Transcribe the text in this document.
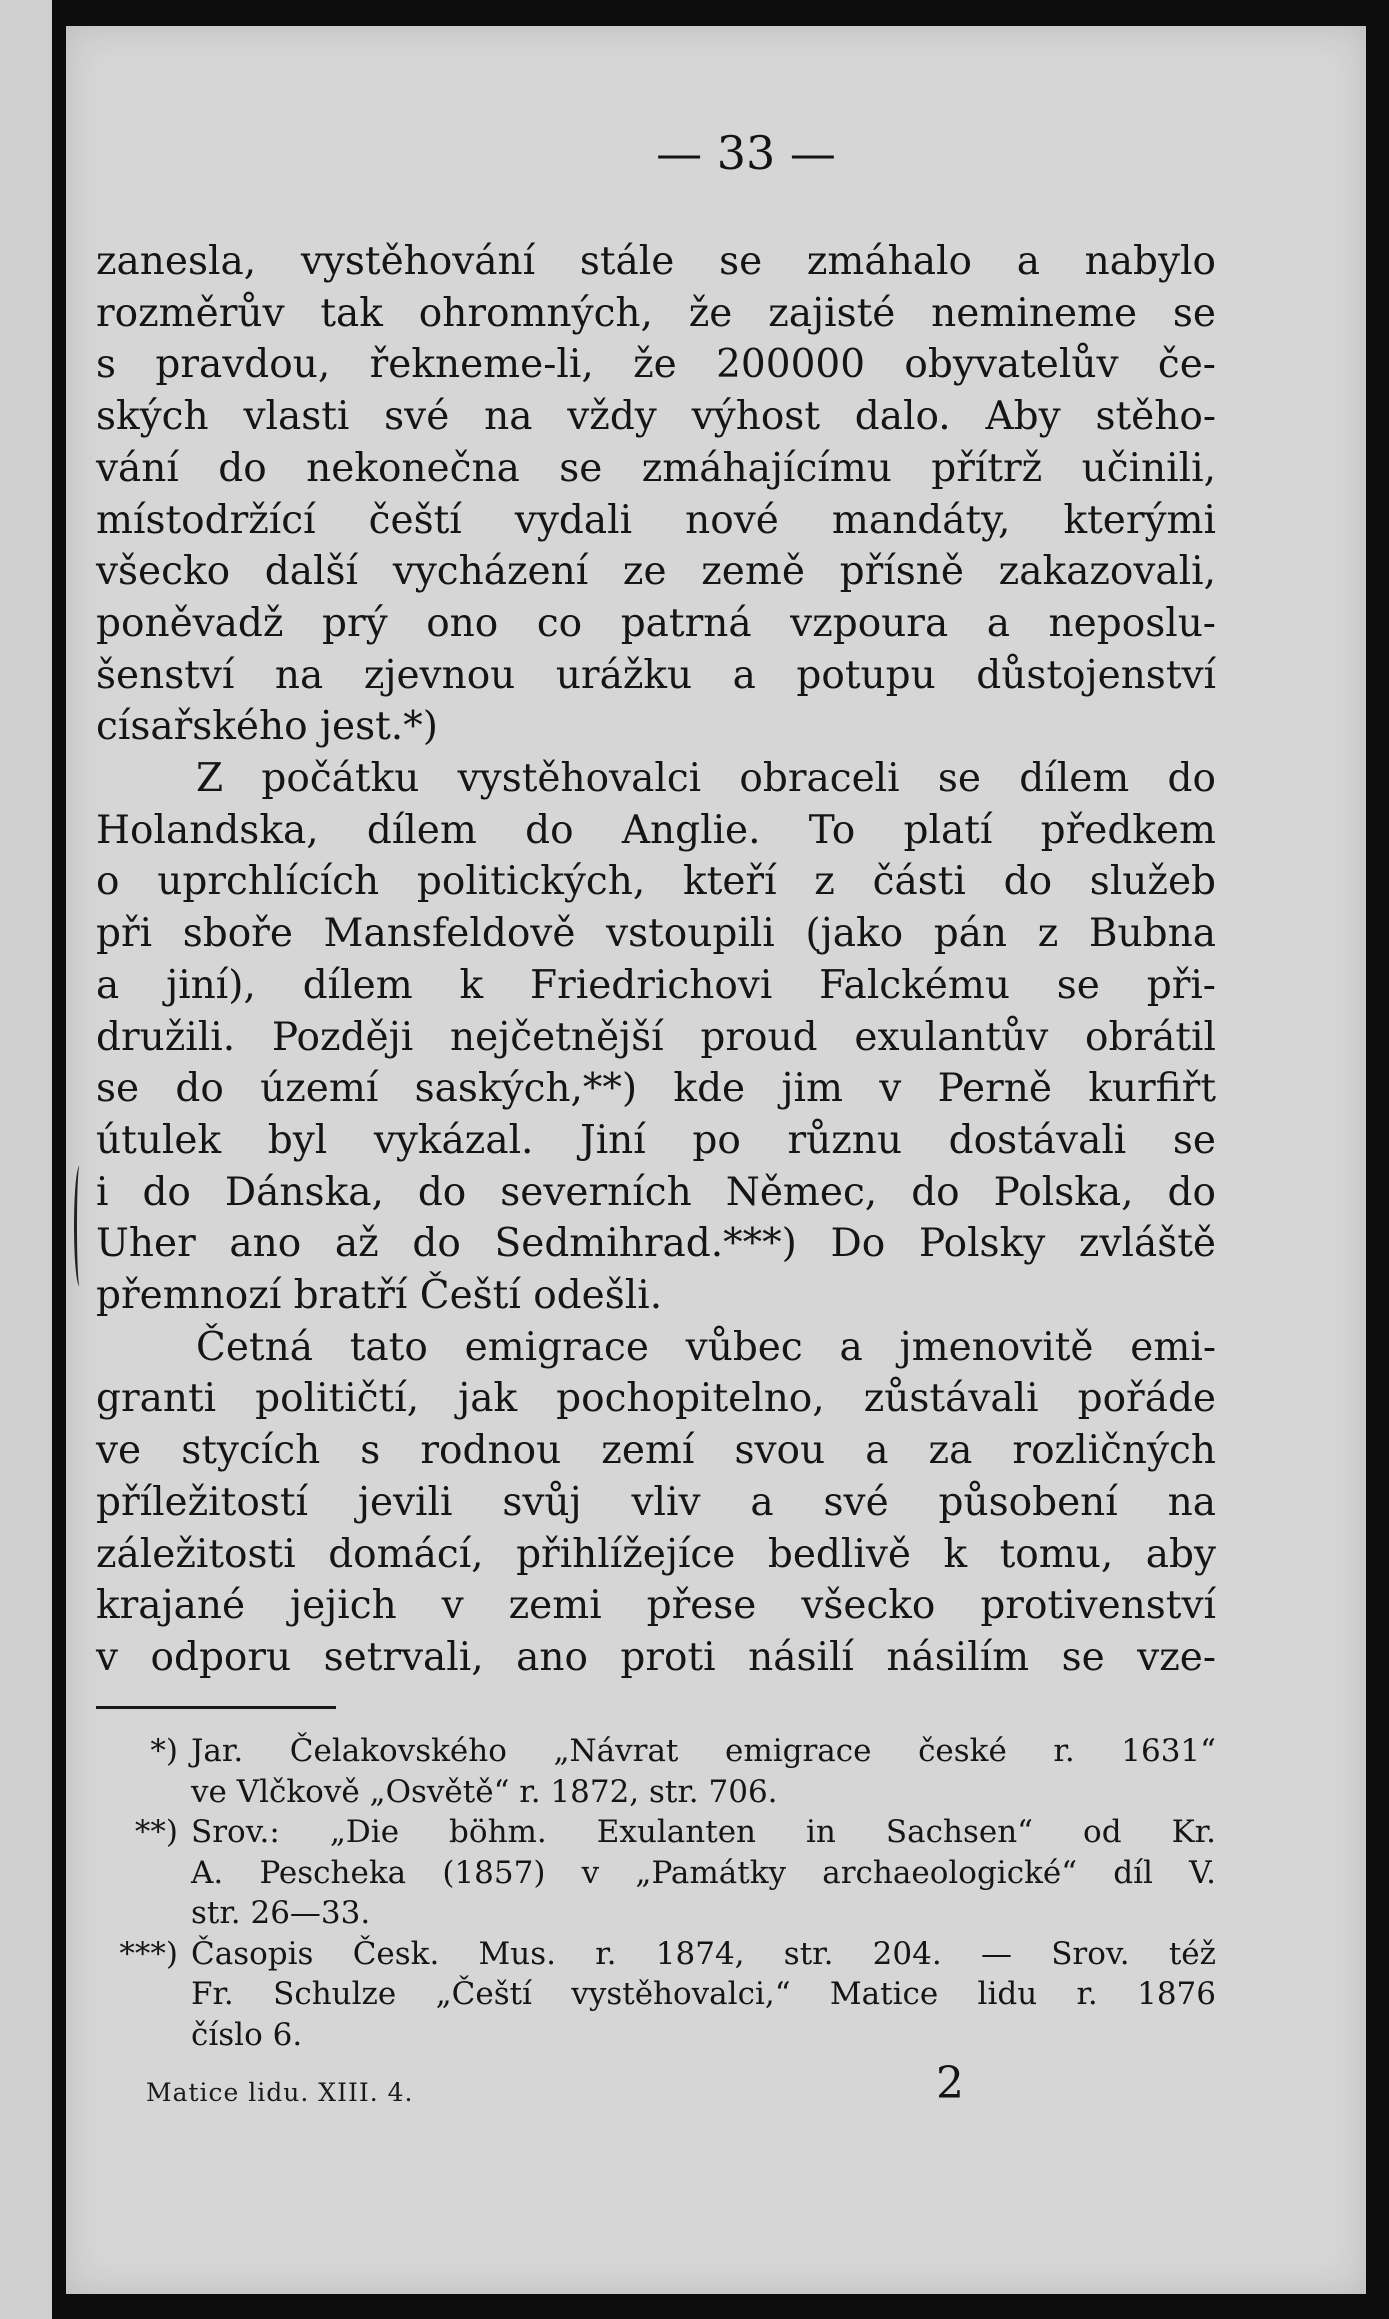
— 33 —
zanesla, vystěhování stále se zmáhalo a nabylo
rozměrův tak ohromných, že zajisté nemineme se
s pravdou, řekneme-li, že 200000 obyvatelův če-
ských vlasti své na vždy výhost dalo. Aby stěho-
vání do nekonečna se zmáhajícímu přítrž učinili,
místodržící čeští vydali nové mandáty, kterými
všecko další vycházení ze země přísně zakazovali,
poněvadž prý ono co patrná vzpoura a neposlu-
šenství na zjevnou urážku a potupu důstojenství
císařského jest.*)
Z počátku vystěhovalci obraceli se dílem do
Holandska, dílem do Anglie. To platí předkem
o uprchlících politických, kteří z části do služeb
při sboře Mansfeldově vstoupili (jako pán z Bubna
a jiní), dílem k Friedrichovi Falckému se při-
družili. Později nejčetnější proud exulantův obrátil
se do území saských,**) kde jim v Perně kurfiřt
útulek byl vykázal. Jiní po různu dostávali se
i do Dánska, do severních Němec, do Polska, do
Uher ano až do Sedmihrad.***) Do Polsky zvláště
přemnozí bratří Čeští odešli.
Četná tato emigrace vůbec a jmenovitě emi-
granti političtí, jak pochopitelno, zůstávali pořáde
ve stycích s rodnou zemí svou a za rozličných
příležitostí jevili svůj vliv a své působení na
záležitosti domácí, přihlížejíce bedlivě k tomu, aby
krajané jejich v zemi přese všecko protivenství
v odporu setrvali, ano proti násilí násilím se vze-
*) Jar. Čelakovského „Návrat emigrace české r. 1631“
ve Vlčkově „Osvětě“ r. 1872, str. 706.
**) Srov.: „Die böhm. Exulanten in Sachsen“ od Kr.
A. Pescheka (1857) v „Památky archaeologické“ díl V.
str. 26—33.
***) Časopis Česk. Mus. r. 1874, str. 204. — Srov. též
Fr. Schulze „Čeští vystěhovalci,“ Matice lidu r. 1876
číslo 6.
Matice lidu. XIII. 4.	2
